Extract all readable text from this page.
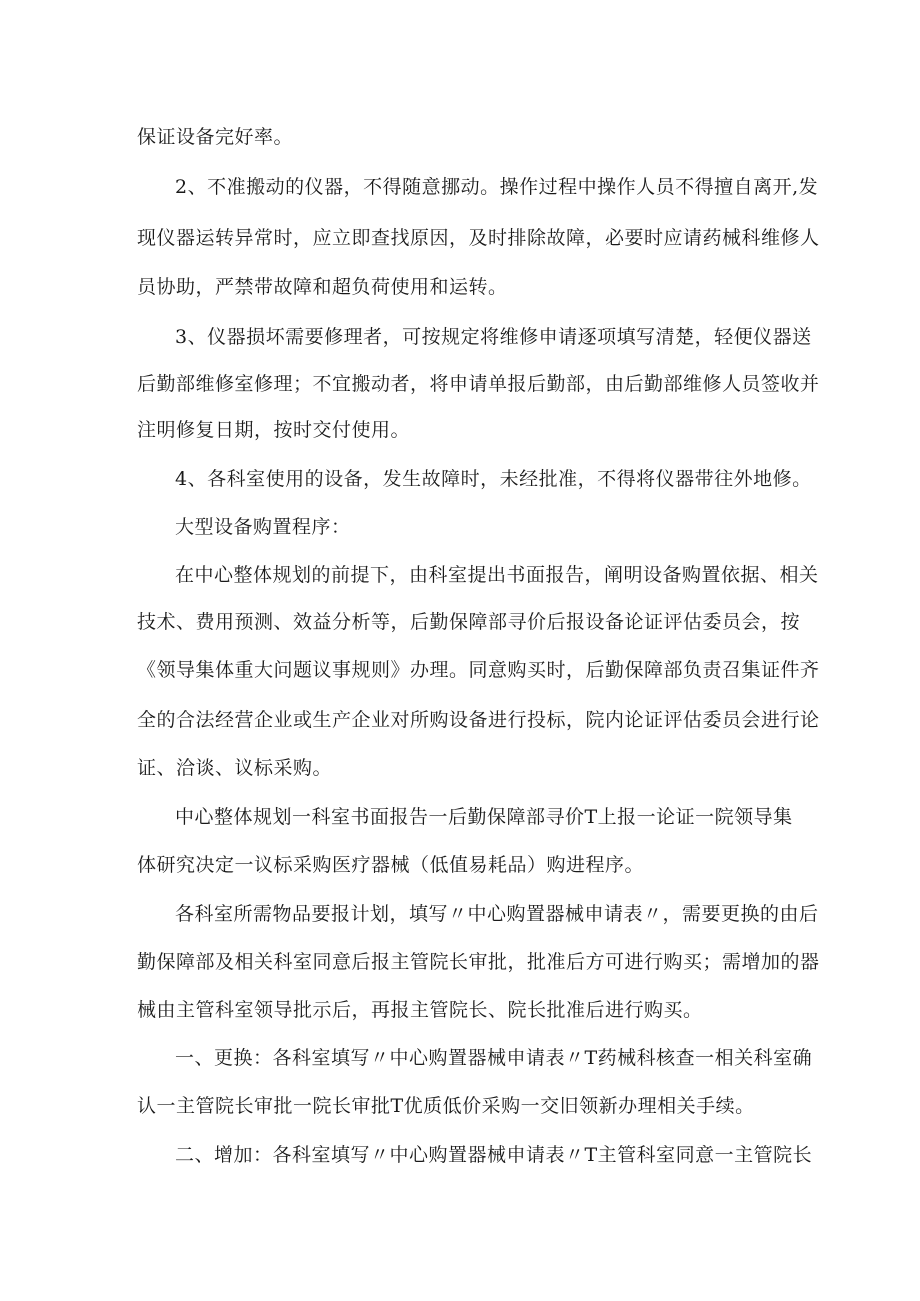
保证设备完好率。
2、不准搬动的仪器，不得随意挪动。操作过程中操作人员不得擅自离开,发
现仪器运转异常时，应立即查找原因，及时排除故障，必要时应请药械科维修人
员协助，严禁带故障和超负荷使用和运转。
3、仪器损坏需要修理者，可按规定将维修申请逐项填写清楚，轻便仪器送
后勤部维修室修理；不宜搬动者，将申请单报后勤部，由后勤部维修人员签收并
注明修复日期，按时交付使用。
4、各科室使用的设备，发生故障时，未经批准，不得将仪器带往外地修。
大型设备购置程序：
在中心整体规划的前提下，由科室提出书面报告，阐明设备购置依据、相关
技术、费用预测、效益分析等，后勤保障部寻价后报设备论证评估委员会，按
《领导集体重大问题议事规则》办理。同意购买时，后勤保障部负责召集证件齐
全的合法经营企业或生产企业对所购设备进行投标，院内论证评估委员会进行论
证、洽谈、议标采购。
中心整体规划一科室书面报告一后勤保障部寻价T上报一论证一院领导集
体研究决定一议标采购医疗器械（低值易耗品）购进程序。
各科室所需物品要报计划，填写〃中心购置器械申请表〃，需要更换的由后
勤保障部及相关科室同意后报主管院长审批，批准后方可进行购买；需增加的器
械由主管科室领导批示后，再报主管院长、院长批准后进行购买。
一、更换：各科室填写〃中心购置器械申请表〃T药械科核查一相关科室确
认一主管院长审批一院长审批T优质低价采购一交旧领新办理相关手续。
二、增加：各科室填写〃中心购置器械申请表〃T主管科室同意一主管院长
